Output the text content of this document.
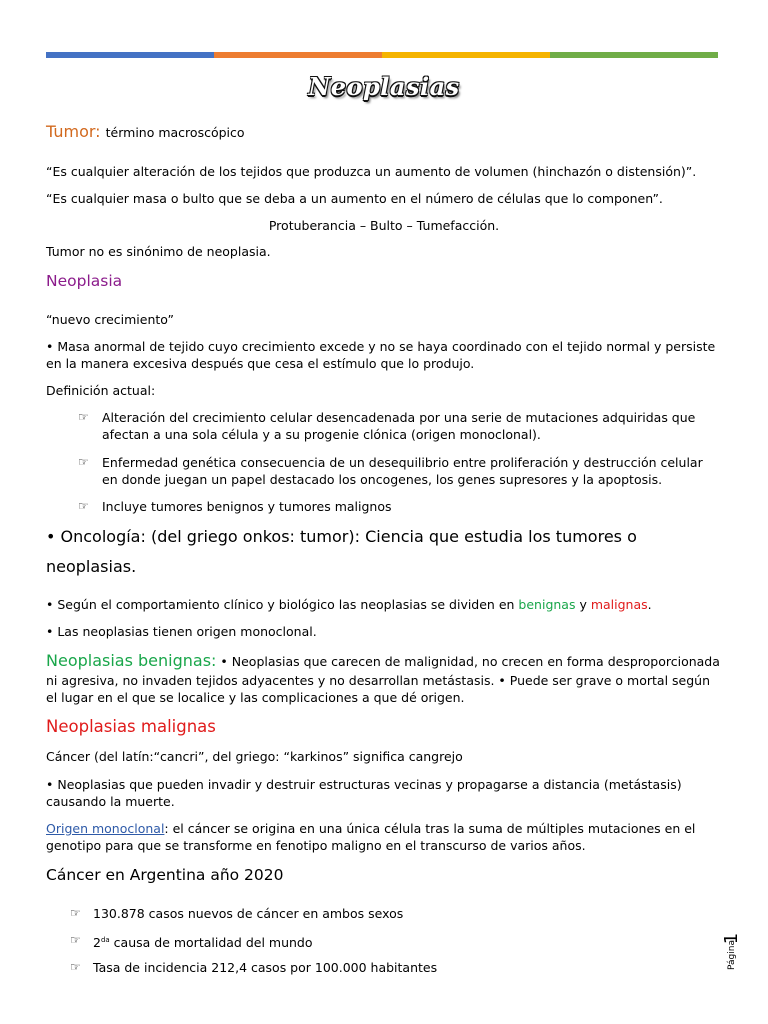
Neoplasias
Tumor: término macroscópico
“Es cualquier alteración de los tejidos que produzca un aumento de volumen (hinchazón o distensión)”.
“Es cualquier masa o bulto que se deba a un aumento en el número de células que lo componen”.
Protuberancia – Bulto – Tumefacción.
Tumor no es sinónimo de neoplasia.
Neoplasia
“nuevo crecimiento”
• Masa anormal de tejido cuyo crecimiento excede y no se haya coordinado con el tejido normal y persiste
en la manera excesiva después que cesa el estímulo que lo produjo.
Definición actual:
☞	Alteración del crecimiento celular desencadenada por una serie de mutaciones adquiridas que
afectan a una sola célula y a su progenie clónica (origen monoclonal).
☞	Enfermedad genética consecuencia de un desequilibrio entre proliferación y destrucción celular
en donde juegan un papel destacado los oncogenes, los genes supresores y la apoptosis.
☞	Incluye tumores benignos y tumores malignos
• Oncología: (del griego onkos: tumor): Ciencia que estudia los tumores o
neoplasias.
• Según el comportamiento clínico y biológico las neoplasias se dividen en benignas y malignas.
• Las neoplasias tienen origen monoclonal.
Neoplasias benignas: • Neoplasias que carecen de malignidad, no crecen en forma desproporcionada
ni agresiva, no invaden tejidos adyacentes y no desarrollan metástasis. • Puede ser grave o mortal según
el lugar en el que se localice y las complicaciones a que dé origen.
Neoplasias malignas
Cáncer (del latín:“cancri”, del griego: “karkinos” significa cangrejo
• Neoplasias que pueden invadir y destruir estructuras vecinas y propagarse a distancia (metástasis)
causando la muerte.
Origen monoclonal: el cáncer se origina en una única célula tras la suma de múltiples mutaciones en el
genotipo para que se transforme en fenotipo maligno en el transcurso de varios años.
Cáncer en Argentina año 2020
☞ 130.878 casos nuevos de cáncer en ambos sexos
☞ $2^{da}$ causa de mortalidad del mundo
☞ Tasa de incidencia 212,4 casos por 100.000 habitantes	Página
1
